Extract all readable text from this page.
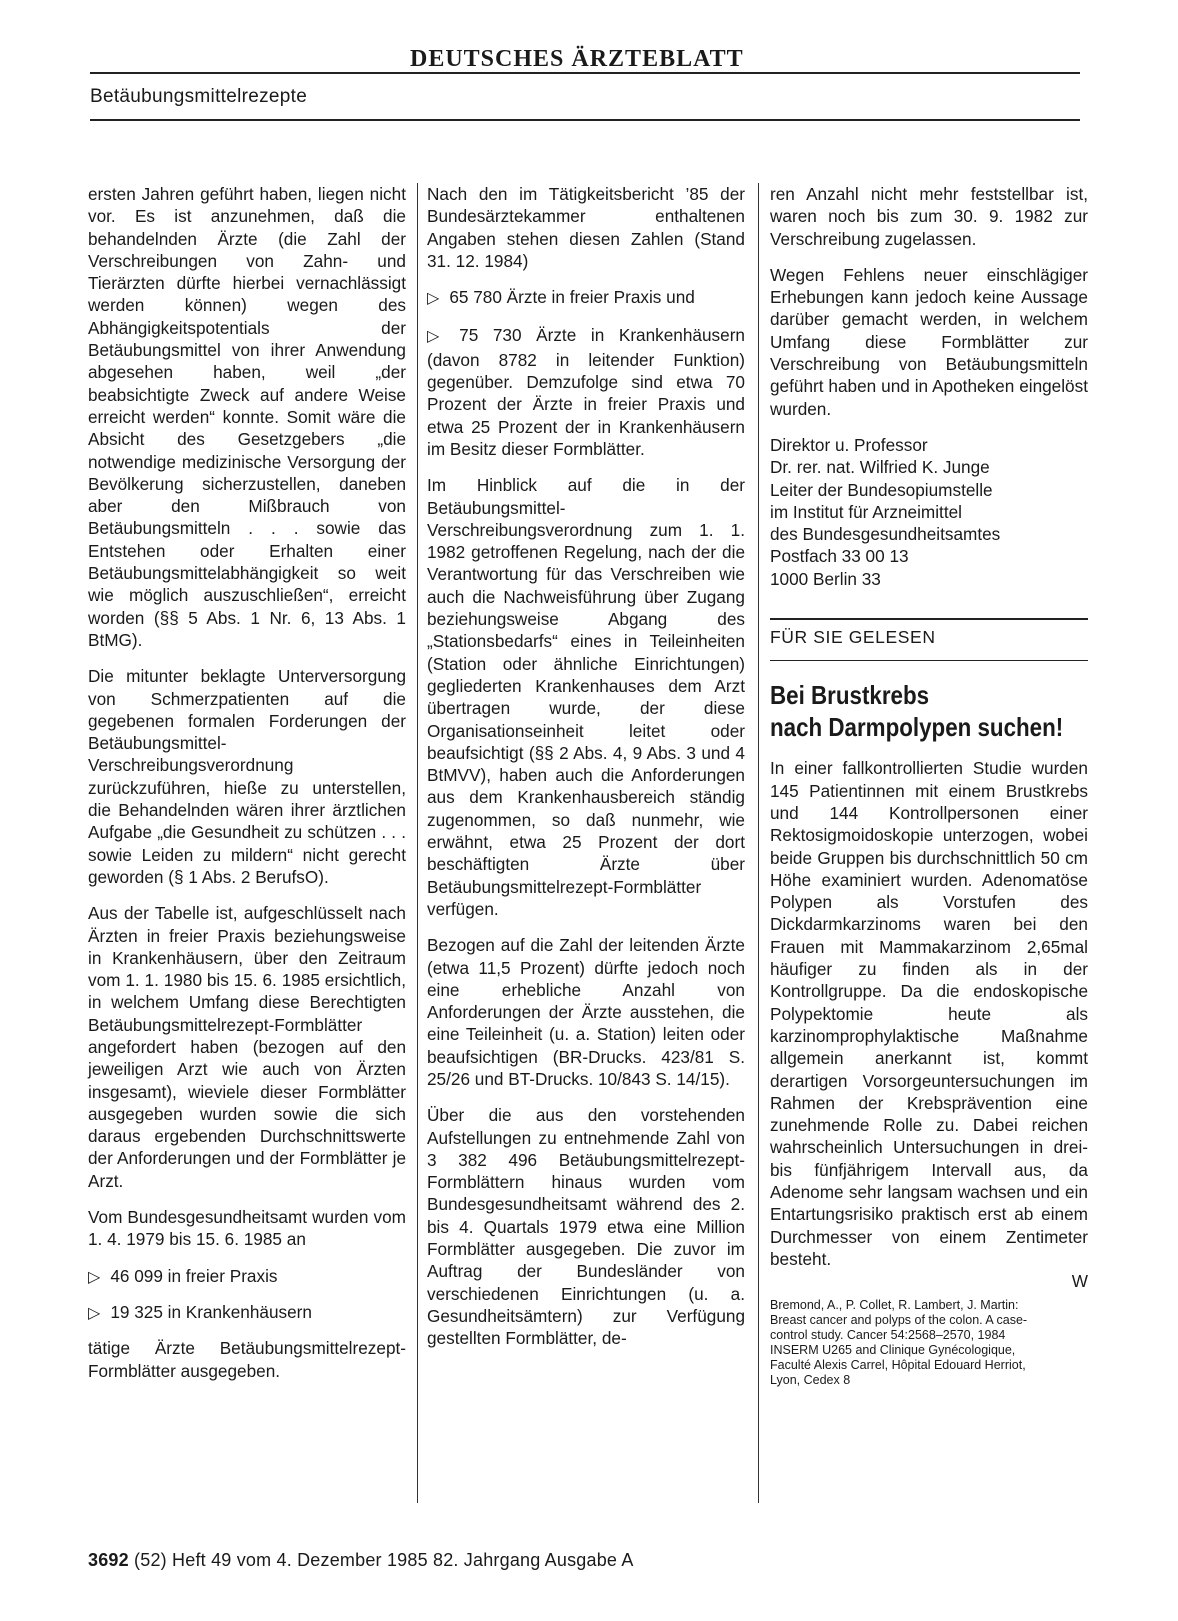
DEUTSCHES ÄRZTEBLATT
Betäubungsmittelrezepte

ersten Jahren geführt haben, liegen nicht vor. Es ist anzunehmen, daß die behandelnden Ärzte (die Zahl der Verschreibungen von Zahn- und Tierärzten dürfte hierbei vernachlässigt werden können) wegen des Abhängigkeitspotentials der Betäubungsmittel von ihrer Anwendung abgesehen haben, weil „der beabsichtigte Zweck auf andere Weise erreicht werden“ konnte. Somit wäre die Absicht des Gesetzgebers „die notwendige medizinische Versorgung der Bevölkerung sicherzustellen, daneben aber den Mißbrauch von Betäubungsmitteln . . . sowie das Entstehen oder Erhalten einer Betäubungsmittelabhängigkeit so weit wie möglich auszuschließen“, erreicht worden (§§ 5 Abs. 1 Nr. 6, 13 Abs. 1 BtMG).

Die mitunter beklagte Unterversorgung von Schmerzpatienten auf die gegebenen formalen Forderungen der Betäubungsmittel-Verschreibungsverordnung zurückzuführen, hieße zu unterstellen, die Behandelnden wären ihrer ärztlichen Aufgabe „die Gesundheit zu schützen . . . sowie Leiden zu mildern“ nicht gerecht geworden (§ 1 Abs. 2 BerufsO).

Aus der Tabelle ist, aufgeschlüsselt nach Ärzten in freier Praxis beziehungsweise in Krankenhäusern, über den Zeitraum vom 1. 1. 1980 bis 15. 6. 1985 ersichtlich, in welchem Umfang diese Berechtigten Betäubungsmittelrezept-Formblätter angefordert haben (bezogen auf den jeweiligen Arzt wie auch von Ärzten insgesamt), wieviele dieser Formblätter ausgegeben wurden sowie die sich daraus ergebenden Durchschnittswerte der Anforderungen und der Formblätter je Arzt.

Vom Bundesgesundheitsamt wurden vom 1. 4. 1979 bis 15. 6. 1985 an

▷ 46 099 in freier Praxis
▷ 19 325 in Krankenhäusern

tätige Ärzte Betäubungsmittelrezept-Formblätter ausgegeben.

Nach den im Tätigkeitsbericht ’85 der Bundesärztekammer enthaltenen Angaben stehen diesen Zahlen (Stand 31. 12. 1984)

▷ 65 780 Ärzte in freier Praxis und

▷ 75 730 Ärzte in Krankenhäusern (davon 8782 in leitender Funktion) gegenüber. Demzufolge sind etwa 70 Prozent der Ärzte in freier Praxis und etwa 25 Prozent der in Krankenhäusern im Besitz dieser Formblätter.

Im Hinblick auf die in der Betäubungsmittel-Verschreibungsverordnung zum 1. 1. 1982 getroffenen Regelung, nach der die Verantwortung für das Verschreiben wie auch die Nachweisführung über Zugang beziehungsweise Abgang des „Stationsbedarfs“ eines in Teileinheiten (Station oder ähnliche Einrichtungen) gegliederten Krankenhauses dem Arzt übertragen wurde, der diese Organisationseinheit leitet oder beaufsichtigt (§§ 2 Abs. 4, 9 Abs. 3 und 4 BtMVV), haben auch die Anforderungen aus dem Krankenhausbereich ständig zugenommen, so daß nunmehr, wie erwähnt, etwa 25 Prozent der dort beschäftigten Ärzte über Betäubungsmittelrezept-Formblätter verfügen.

Bezogen auf die Zahl der leitenden Ärzte (etwa 11,5 Prozent) dürfte jedoch noch eine erhebliche Anzahl von Anforderungen der Ärzte ausstehen, die eine Teileinheit (u. a. Station) leiten oder beaufsichtigen (BR-Drucks. 423/81 S. 25/26 und BT-Drucks. 10/843 S. 14/15).

Über die aus den vorstehenden Aufstellungen zu entnehmende Zahl von 3 382 496 Betäubungsmittelrezept-Formblättern hinaus wurden vom Bundesgesundheitsamt während des 2. bis 4. Quartals 1979 etwa eine Million Formblätter ausgegeben. Die zuvor im Auftrag der Bundesländer von verschiedenen Einrichtungen (u. a. Gesundheitsämtern) zur Verfügung gestellten Formblätter, de-

ren Anzahl nicht mehr feststellbar ist, waren noch bis zum 30. 9. 1982 zur Verschreibung zugelassen.

Wegen Fehlens neuer einschlägiger Erhebungen kann jedoch keine Aussage darüber gemacht werden, in welchem Umfang diese Formblätter zur Verschreibung von Betäubungsmitteln geführt haben und in Apotheken eingelöst wurden.

Direktor u. Professor
Dr. rer. nat. Wilfried K. Junge
Leiter der Bundesopiumstelle
im Institut für Arzneimittel
des Bundesgesundheitsamtes
Postfach 33 00 13
1000 Berlin 33
FÜR SIE GELESEN
Bei Brustkrebs
nach Darmpolypen suchen!

In einer fallkontrollierten Studie wurden 145 Patientinnen mit einem Brustkrebs und 144 Kontrollpersonen einer Rektosigmoidoskopie unterzogen, wobei beide Gruppen bis durchschnittlich 50 cm Höhe examiniert wurden. Adenomatöse Polypen als Vorstufen des Dickdarmkarzinoms waren bei den Frauen mit Mammakarzinom 2,65mal häufiger zu finden als in der Kontrollgruppe. Da die endoskopische Polypektomie heute als karzinomprophylaktische Maßnahme allgemein anerkannt ist, kommt derartigen Vorsorgeuntersuchungen im Rahmen der Krebsprävention eine zunehmende Rolle zu. Dabei reichen wahrscheinlich Untersuchungen in drei- bis fünfjährigem Intervall aus, da Adenome sehr langsam wachsen und ein Entartungsrisiko praktisch erst ab einem Durchmesser von einem Zentimeter besteht.
W

Bremond, A., P. Collet, R. Lambert, J. Martin:
Breast cancer and polyps of the colon. A case-
control study. Cancer 54:2568–2570, 1984
INSERM U265 and Clinique Gynécologique,
Faculté Alexis Carrel, Hôpital Edouard Herriot,
Lyon, Cedex 8
3692 (52) Heft 49 vom 4. Dezember 1985 82. Jahrgang Ausgabe A
